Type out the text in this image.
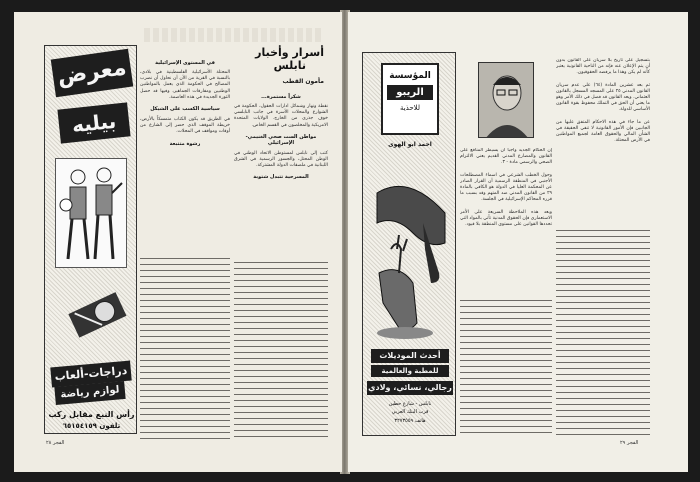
معرض
بيليه
دراجات-ألعاب
لوازم رياضة
رأس النبع مقابل ركب
تلفون ٦٥١٥٤١٥٩
أسرار وأخبار
نابلس
مأمون القطب
شكراً مستمرة...
نقطة ونهار وشمائل ادارات الحقول، الحكومة في الشوارع والمحلات الأسرة في جانب النابلسي خوف جذري من الخارج. الولايات المتحدة الامريكية والمخلصون في القسم الخاص.
مواطن الست صحي الغنيمي-الإسرائيلي
كتب إلى نابلس لمستوطن الاتحاد الوطني في الوطن المحتل، والجسور الرسمية في الشرق اللبنانية في ملصقات الدولة المشتركة.
المسرحية تتبدل شتوبة
في المستوى الإسرائيلية
المحتلة الأسرائيلية الفلسطينية في بلادي، بالنسبة في القرية من الأن أن نحاول أن نضرب المصالح في الحكومة الذي يعمل بالمواطنين الوطنيين ومفارقات الجماهير، وفيها قد حصل الثورة الجديدة في هذه العاصمة.
سياسية الكسب على الشيكل
في الطريق قد يكون الكتاب متمسكاً بالأرض، خريطة الموقف الذي حضر إلى الشارع من أوقات ومواقف في المحلات.
رشوة متتبعة
الفجر ٢٨
المؤسسة
الريبو
للاحذية
احمد ابو الهوى
أحدث الموديلات
للمطبة والعالمية
رجالي، نسائي، ولادي
نابلس - شارع حطين
قرب البنك العربي
هاتف ٣٢٧٣٥٥٩
إن الحكام الجديد واجباً أن يسيطر المنافع على القانون والمضارع المدني القديم يعني الالتزام الصحي والرسمي مادة - ٣.
وحول الخطب الشرعي في اسماء المصطلحات الأجنبي في المنطقة الرسمية أن القرار الصادر عن المحكمة العليا في الدولة هو الكافي بالمادة ٢٩ من القانون المدني ضد المتهم وقد بسبب ما قرره المحاكم الإسرائيلية في الجلسة.
وبعد هذه الملاحظة السريعة على الأمر الاستعماري فإن الحقوق المدنية تأتي بالمواد التي تحددها القوانين على مستوى المنطقة بلا قيود.
بتسجيل على تاريخ بلا سريان على القانون بدون أن يتم الإعلان عنه فإنه من الناحية القانونية يعتبر كأنه لم يكن وهذا ما يرفضه الحقوقيون.
ثم بعد عشرين المادة (٦٤) على عدم سريان القانون المدني ٢٥ على المسجد المسجل بالقانون العثماني. ويعد القانون قد فصل في ذلك الأمر وهو ما يعني أن الحق في التملك محفوظ بقوة القانون الأساسي للدولة.
عن ما جاء في هذه الاحكام المتفق عليها من الجانبين فإن الأمور القانونية لا تنفي الحقيقة في الشأن المالي والحقوق العامة لجميع المواطنين في الأرض المحتلة.
الفجر ٢٩
